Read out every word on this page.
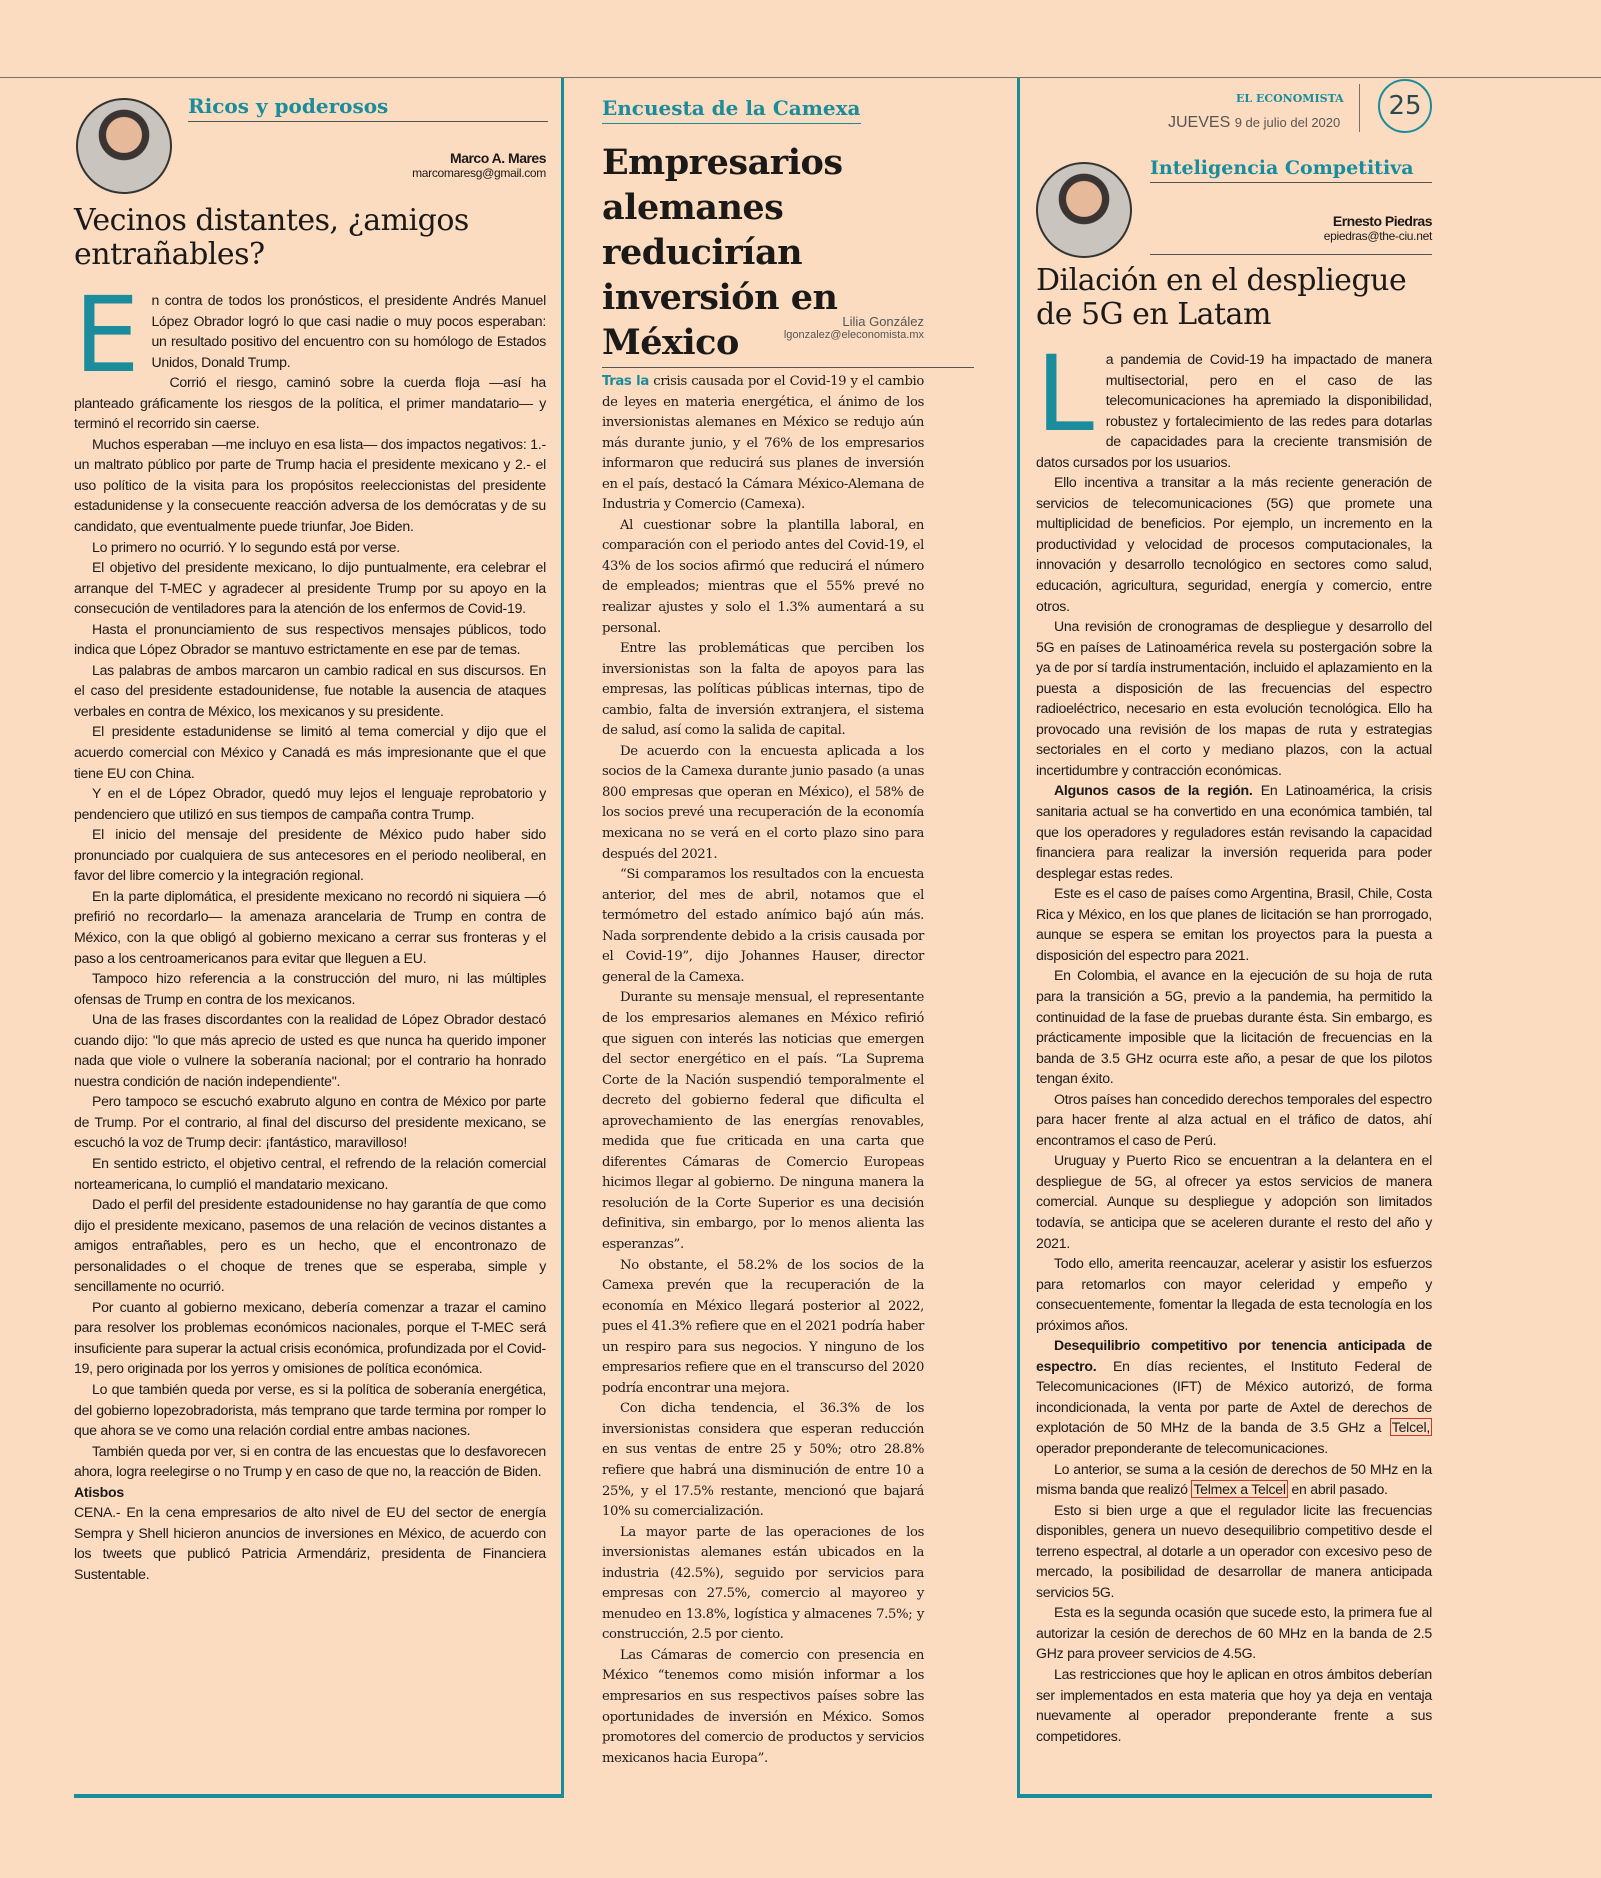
EL ECONOMISTA
JUEVES 9 de julio del 2020
25
Ricos y poderosos
Marco A. Mares
marcomaresg@gmail.com
Vecinos distantes, ¿amigos entrañables?
E n contra de todos los pronósticos, el presidente Andrés Manuel López Obrador logró lo que casi nadie o muy pocos esperaban: un resultado positivo del encuentro con su homólogo de Estados Unidos, Donald Trump.

Corrió el riesgo, caminó sobre la cuerda floja —así ha planteado gráficamente los riesgos de la política, el primer mandatario— y terminó el recorrido sin caerse.

Muchos esperaban —me incluyo en esa lista— dos impactos negativos: 1.- un maltrato público por parte de Trump hacia el presidente mexicano y 2.- el uso político de la visita para los propósitos reeleccionistas del presidente estadunidense y la consecuente reacción adversa de los demócratas y de su candidato, que eventualmente puede triunfar, Joe Biden.

Lo primero no ocurrió. Y lo segundo está por verse.

El objetivo del presidente mexicano, lo dijo puntualmente, era celebrar el arranque del T-MEC y agradecer al presidente Trump por su apoyo en la consecución de ventiladores para la atención de los enfermos de Covid-19.

Hasta el pronunciamiento de sus respectivos mensajes públicos, todo indica que López Obrador se mantuvo estrictamente en ese par de temas.

Las palabras de ambos marcaron un cambio radical en sus discursos. En el caso del presidente estadounidense, fue notable la ausencia de ataques verbales en contra de México, los mexicanos y su presidente.

El presidente estadunidense se limitó al tema comercial y dijo que el acuerdo comercial con México y Canadá es más impresionante que el que tiene EU con China.

Y en el de López Obrador, quedó muy lejos el lenguaje reprobatorio y pendenciero que utilizó en sus tiempos de campaña contra Trump.

El inicio del mensaje del presidente de México pudo haber sido pronunciado por cualquiera de sus antecesores en el periodo neoliberal, en favor del libre comercio y la integración regional.

En la parte diplomática, el presidente mexicano no recordó ni siquiera —ó prefirió no recordarlo— la amenaza arancelaria de Trump en contra de México, con la que obligó al gobierno mexicano a cerrar sus fronteras y el paso a los centroamericanos para evitar que lleguen a EU.

Tampoco hizo referencia a la construcción del muro, ni las múltiples ofensas de Trump en contra de los mexicanos.

Una de las frases discordantes con la realidad de López Obrador destacó cuando dijo: "lo que más aprecio de usted es que nunca ha querido imponer nada que viole o vulnere la soberanía nacional; por el contrario ha honrado nuestra condición de nación independiente".

Pero tampoco se escuchó exabruto alguno en contra de México por parte de Trump. Por el contrario, al final del discurso del presidente mexicano, se escuchó la voz de Trump decir: ¡fantástico, maravilloso!

En sentido estricto, el objetivo central, el refrendo de la relación comercial norteamericana, lo cumplió el mandatario mexicano.

Dado el perfil del presidente estadounidense no hay garantía de que como dijo el presidente mexicano, pasemos de una relación de vecinos distantes a amigos entrañables, pero es un hecho, que el encontronazo de personalidades o el choque de trenes que se esperaba, simple y sencillamente no ocurrió.

Por cuanto al gobierno mexicano, debería comenzar a trazar el camino para resolver los problemas económicos nacionales, porque el T-MEC será insuficiente para superar la actual crisis económica, profundizada por el Covid-19, pero originada por los yerros y omisiones de política económica.

Lo que también queda por verse, es si la política de soberanía energética, del gobierno lopezobradorista, más temprano que tarde termina por romper lo que ahora se ve como una relación cordial entre ambas naciones.

También queda por ver, si en contra de las encuestas que lo desfavorecen ahora, logra reelegirse o no Trump y en caso de que no, la reacción de Biden.

Atisbos

CENA.- En la cena empresarios de alto nivel de EU del sector de energía Sempra y Shell hicieron anuncios de inversiones en México, de acuerdo con los tweets que publicó Patricia Armendáriz, presidenta de Financiera Sustentable.

Encuesta de la Camexa
Empresarios alemanes reducirían inversión en México
Lilia González
lgonzalez@eleconomista.mx

Tras la crisis causada por el Covid-19 y el cambio de leyes en materia energética, el ánimo de los inversionistas alemanes en México se redujo aún más durante junio, y el 76% de los empresarios informaron que reducirá sus planes de inversión en el país, destacó la Cámara México-Alemana de Industria y Comercio (Camexa).

Al cuestionar sobre la plantilla laboral, en comparación con el periodo antes del Covid-19, el 43% de los socios afirmó que reducirá el número de empleados; mientras que el 55% prevé no realizar ajustes y solo el 1.3% aumentará a su personal.

Entre las problemáticas que perciben los inversionistas son la falta de apoyos para las empresas, las políticas públicas internas, tipo de cambio, falta de inversión extranjera, el sistema de salud, así como la salida de capital.

De acuerdo con la encuesta aplicada a los socios de la Camexa durante junio pasado (a unas 800 empresas que operan en México), el 58% de los socios prevé una recuperación de la economía mexicana no se verá en el corto plazo sino para después del 2021.

“Si comparamos los resultados con la encuesta anterior, del mes de abril, notamos que el termómetro del estado anímico bajó aún más. Nada sorprendente debido a la crisis causada por el Covid-19”, dijo Johannes Hauser, director general de la Camexa.

Durante su mensaje mensual, el representante de los empresarios alemanes en México refirió que siguen con interés las noticias que emergen del sector energético en el país. “La Suprema Corte de la Nación suspendió temporalmente el decreto del gobierno federal que dificulta el aprovechamiento de las energías renovables, medida que fue criticada en una carta que diferentes Cámaras de Comercio Europeas hicimos llegar al gobierno. De ninguna manera la resolución de la Corte Superior es una decisión definitiva, sin embargo, por lo menos alienta las esperanzas”.

No obstante, el 58.2% de los socios de la Camexa prevén que la recuperación de la economía en México llegará posterior al 2022, pues el 41.3% refiere que en el 2021 podría haber un respiro para sus negocios. Y ninguno de los empresarios refiere que en el transcurso del 2020 podría encontrar una mejora.

Con dicha tendencia, el 36.3% de los inversionistas considera que esperan reducción en sus ventas de entre 25 y 50%; otro 28.8% refiere que habrá una disminución de entre 10 a 25%, y el 17.5% restante, mencionó que bajará 10% su comercialización.

La mayor parte de las operaciones de los inversionistas alemanes están ubicados en la industria (42.5%), seguido por servicios para empresas con 27.5%, comercio al mayoreo y menudeo en 13.8%, logística y almacenes 7.5%; y construcción, 2.5 por ciento.

Las Cámaras de comercio con presencia en México “tenemos como misión informar a los empresarios en sus respectivos países sobre las oportunidades de inversión en México. Somos promotores del comercio de productos y servicios mexicanos hacia Europa”.

Inteligencia Competitiva
Ernesto Piedras
epiedras@the-ciu.net
Dilación en el despliegue de 5G en Latam
L a pandemia de Covid-19 ha impactado de manera multisectorial, pero en el caso de las telecomunicaciones ha apremiado la disponibilidad, robustez y fortalecimiento de las redes para dotarlas de capacidades para la creciente transmisión de datos cursados por los usuarios.

Ello incentiva a transitar a la más reciente generación de servicios de telecomunicaciones (5G) que promete una multiplicidad de beneficios. Por ejemplo, un incremento en la productividad y velocidad de procesos computacionales, la innovación y desarrollo tecnológico en sectores como salud, educación, agricultura, seguridad, energía y comercio, entre otros.

Una revisión de cronogramas de despliegue y desarrollo del 5G en países de Latinoamérica revela su postergación sobre la ya de por sí tardía instrumentación, incluido el aplazamiento en la puesta a disposición de las frecuencias del espectro radioeléctrico, necesario en esta evolución tecnológica. Ello ha provocado una revisión de los mapas de ruta y estrategias sectoriales en el corto y mediano plazos, con la actual incertidumbre y contracción económicas.

Algunos casos de la región. En Latinoamérica, la crisis sanitaria actual se ha convertido en una económica también, tal que los operadores y reguladores están revisando la capacidad financiera para realizar la inversión requerida para poder desplegar estas redes.

Este es el caso de países como Argentina, Brasil, Chile, Costa Rica y México, en los que planes de licitación se han prorrogado, aunque se espera se emitan los proyectos para la puesta a disposición del espectro para 2021.

En Colombia, el avance en la ejecución de su hoja de ruta para la transición a 5G, previo a la pandemia, ha permitido la continuidad de la fase de pruebas durante ésta. Sin embargo, es prácticamente imposible que la licitación de frecuencias en la banda de 3.5 GHz ocurra este año, a pesar de que los pilotos tengan éxito.

Otros países han concedido derechos temporales del espectro para hacer frente al alza actual en el tráfico de datos, ahí encontramos el caso de Perú.

Uruguay y Puerto Rico se encuentran a la delantera en el despliegue de 5G, al ofrecer ya estos servicios de manera comercial. Aunque su despliegue y adopción son limitados todavía, se anticipa que se aceleren durante el resto del año y 2021.

Todo ello, amerita reencauzar, acelerar y asistir los esfuerzos para retomarlos con mayor celeridad y empeño y consecuentemente, fomentar la llegada de esta tecnología en los próximos años.

Desequilibrio competitivo por tenencia anticipada de espectro. En días recientes, el Instituto Federal de Telecomunicaciones (IFT) de México autorizó, de forma incondicionada, la venta por parte de Axtel de derechos de explotación de 50 MHz de la banda de 3.5 GHz a Telcel, operador preponderante de telecomunicaciones.

Lo anterior, se suma a la cesión de derechos de 50 MHz en la misma banda que realizó Telmex a Telcel en abril pasado.

Esto si bien urge a que el regulador licite las frecuencias disponibles, genera un nuevo desequilibrio competitivo desde el terreno espectral, al dotarle a un operador con excesivo peso de mercado, la posibilidad de desarrollar de manera anticipada servicios 5G.

Esta es la segunda ocasión que sucede esto, la primera fue al autorizar la cesión de derechos de 60 MHz en la banda de 2.5 GHz para proveer servicios de 4.5G.

Las restricciones que hoy le aplican en otros ámbitos deberían ser implementados en esta materia que hoy ya deja en ventaja nuevamente al operador preponderante frente a sus competidores.
